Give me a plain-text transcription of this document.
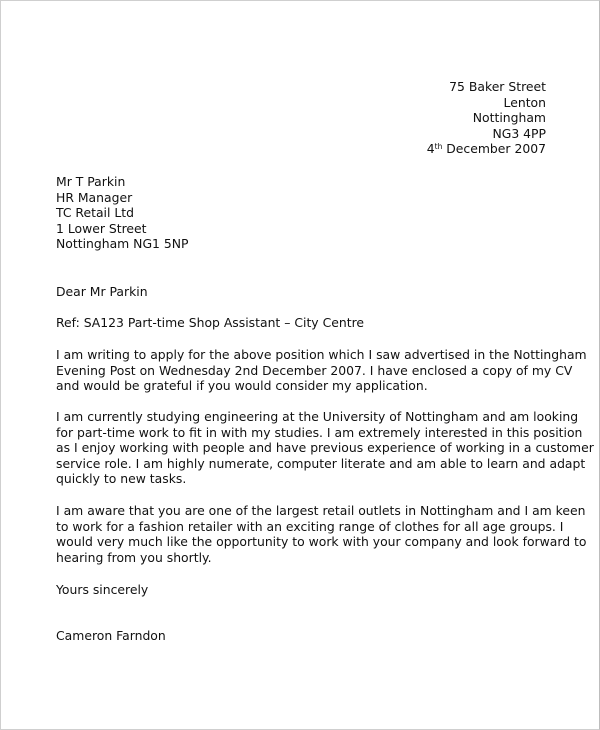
75 Baker Street
Lenton
Nottingham
NG3 4PP
4th December 2007
Mr T Parkin
HR Manager
TC Retail Ltd
1 Lower Street
Nottingham NG1 5NP
Dear Mr Parkin
Ref: SA123 Part-time Shop Assistant – City Centre

I am writing to apply for the above position which I saw advertised in the Nottingham

Evening Post on Wednesday 2nd December 2007. I have enclosed a copy of my CV

and would be grateful if you would consider my application.

I am currently studying engineering at the University of Nottingham and am looking

for part-time work to fit in with my studies. I am extremely interested in this position

as I enjoy working with people and have previous experience of working in a customer

service role. I am highly numerate, computer literate and am able to learn and adapt

quickly to new tasks.

I am aware that you are one of the largest retail outlets in Nottingham and I am keen

to work for a fashion retailer with an exciting range of clothes for all age groups. I

would very much like the opportunity to work with your company and look forward to

hearing from you shortly.

Yours sincerely
Cameron Farndon
